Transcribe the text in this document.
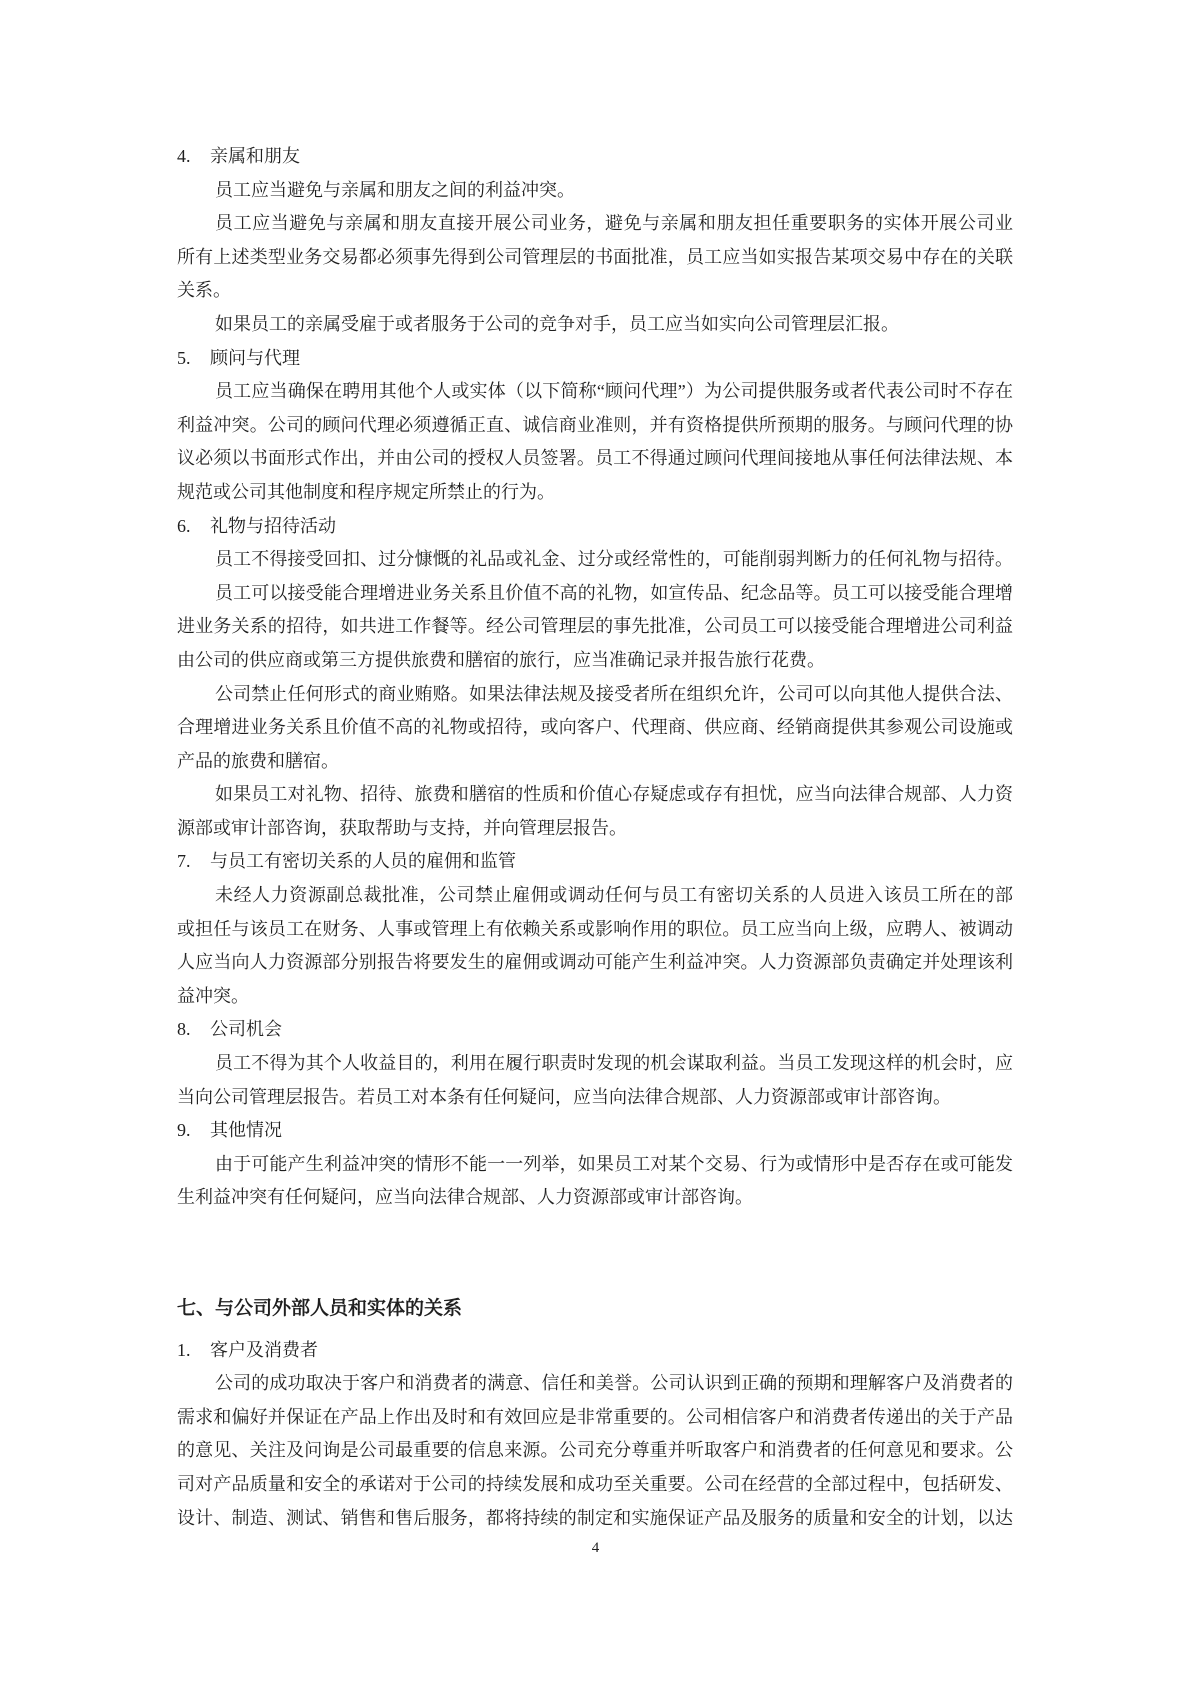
4. 亲属和朋友
员工应当避免与亲属和朋友之间的利益冲突。
员工应当避免与亲属和朋友直接开展公司业务，避免与亲属和朋友担任重要职务的实体开展公司业
所有上述类型业务交易都必须事先得到公司管理层的书面批准，员工应当如实报告某项交易中存在的关联
关系。
如果员工的亲属受雇于或者服务于公司的竞争对手，员工应当如实向公司管理层汇报。
5. 顾问与代理
员工应当确保在聘用其他个人或实体（以下简称“顾问代理”）为公司提供服务或者代表公司时不存在
利益冲突。公司的顾问代理必须遵循正直、诚信商业准则，并有资格提供所预期的服务。与顾问代理的协
议必须以书面形式作出，并由公司的授权人员签署。员工不得通过顾问代理间接地从事任何法律法规、本
规范或公司其他制度和程序规定所禁止的行为。
6. 礼物与招待活动
员工不得接受回扣、过分慷慨的礼品或礼金、过分或经常性的，可能削弱判断力的任何礼物与招待。
员工可以接受能合理增进业务关系且价值不高的礼物，如宣传品、纪念品等。员工可以接受能合理增
进业务关系的招待，如共进工作餐等。经公司管理层的事先批准，公司员工可以接受能合理增进公司利益
由公司的供应商或第三方提供旅费和膳宿的旅行，应当准确记录并报告旅行花费。
公司禁止任何形式的商业贿赂。如果法律法规及接受者所在组织允许，公司可以向其他人提供合法、
合理增进业务关系且价值不高的礼物或招待，或向客户、代理商、供应商、经销商提供其参观公司设施或
产品的旅费和膳宿。
如果员工对礼物、招待、旅费和膳宿的性质和价值心存疑虑或存有担忧，应当向法律合规部、人力资
源部或审计部咨询，获取帮助与支持，并向管理层报告。
7. 与员工有密切关系的人员的雇佣和监管
未经人力资源副总裁批准，公司禁止雇佣或调动任何与员工有密切关系的人员进入该员工所在的部
或担任与该员工在财务、人事或管理上有依赖关系或影响作用的职位。员工应当向上级，应聘人、被调动
人应当向人力资源部分别报告将要发生的雇佣或调动可能产生利益冲突。人力资源部负责确定并处理该利
益冲突。
8. 公司机会
员工不得为其个人收益目的，利用在履行职责时发现的机会谋取利益。当员工发现这样的机会时，应
当向公司管理层报告。若员工对本条有任何疑问，应当向法律合规部、人力资源部或审计部咨询。
9. 其他情况
由于可能产生利益冲突的情形不能一一列举，如果员工对某个交易、行为或情形中是否存在或可能发
生利益冲突有任何疑问，应当向法律合规部、人力资源部或审计部咨询。
七、与公司外部人员和实体的关系
1. 客户及消费者
公司的成功取决于客户和消费者的满意、信任和美誉。公司认识到正确的预期和理解客户及消费者的
需求和偏好并保证在产品上作出及时和有效回应是非常重要的。公司相信客户和消费者传递出的关于产品
的意见、关注及问询是公司最重要的信息来源。公司充分尊重并听取客户和消费者的任何意见和要求。公
司对产品质量和安全的承诺对于公司的持续发展和成功至关重要。公司在经营的全部过程中，包括研发、
设计、制造、测试、销售和售后服务，都将持续的制定和实施保证产品及服务的质量和安全的计划，以达
4
